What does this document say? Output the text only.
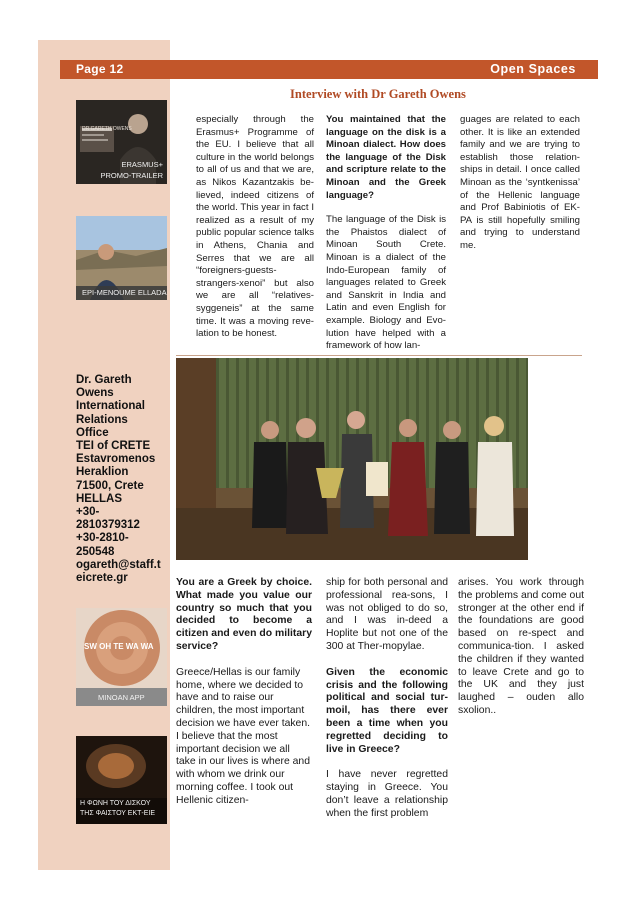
Page 12	Open Spaces
Interview with Dr Gareth Owens
DR GARETH OWENS
ERASMUS+
PROMO-TRAILER
EPI-MENOUME ELLADA
Dr. Gareth
Owens
International
Relations
Office
TEI of CRETE
Estavromenos
Heraklion
71500, Crete
HELLAS
+30-
2810379312
+30-2810-
250548
ogareth@staff.t
eicrete.gr
SW OH TE WA WA
MINOAN APP
Η ΦΩΝΗ ΤΟΥ ΔΙΣΚΟΥ
ΤΗΣ ΦΑΙΣΤΟΥ ΕΚΤ-ΕΙΕ

especially through the Erasmus+ Programme of the EU. I believe that all culture in the world belongs to all of us and that we are, as Nikos Kazantzakis be-lieved, indeed citizens of the world. This year in fact I realized as a result of my public popular science talks in Athens, Chania and Serres that we are all “foreigners-guests-strangers-xenoi” but also we are all “relatives-syggeneis” at the same time. It was a moving reve-lation to be honest.

You maintained that the language on the disk is a Minoan dialect. How does the language of the Disk and scripture relate to the Minoan and the Greek language?

The language of the Disk is the Phaistos dialect of Minoan South Crete. Minoan is a dialect of the Indo-European family of languages related to Greek and Sanskrit in India and Latin and even English for example. Biology and Evo-lution have helped with a framework of how lan-

guages are related to each other. It is like an extended family and we are trying to establish those relation-ships in detail. I once called Minoan as the ‘syntkenissa’ of the Hellenic language and Prof Babiniotis of EK-PA is still hopefully smiling and trying to understand me.

You are a Greek by choice. What made you value our country so much that you decided to become a citizen and even do military service?

Greece/Hellas is our family home, where we decided to have and to raise our children, the most important decision we have ever taken. I believe that the most important decision we all take in our lives is where and with whom we drink our morning coffee. I took out Hellenic citizen-

ship for both personal and professional rea-sons, I was not obliged to do so, and I was in-deed a Hoplite but not one of the 300 at Ther-mopylae.

Given the economic crisis and the following political and social tur-moil, has there ever been a time when you regretted deciding to live in Greece?

I have never regretted staying in Greece. You don’t leave a relationship when the first problem

arises. You work through the problems and come out stronger at the other end if the foundations are good based on re-spect and communica-tion. I asked the children if they wanted to leave Crete and go to the UK and they just laughed – ouden allo sxolion..
